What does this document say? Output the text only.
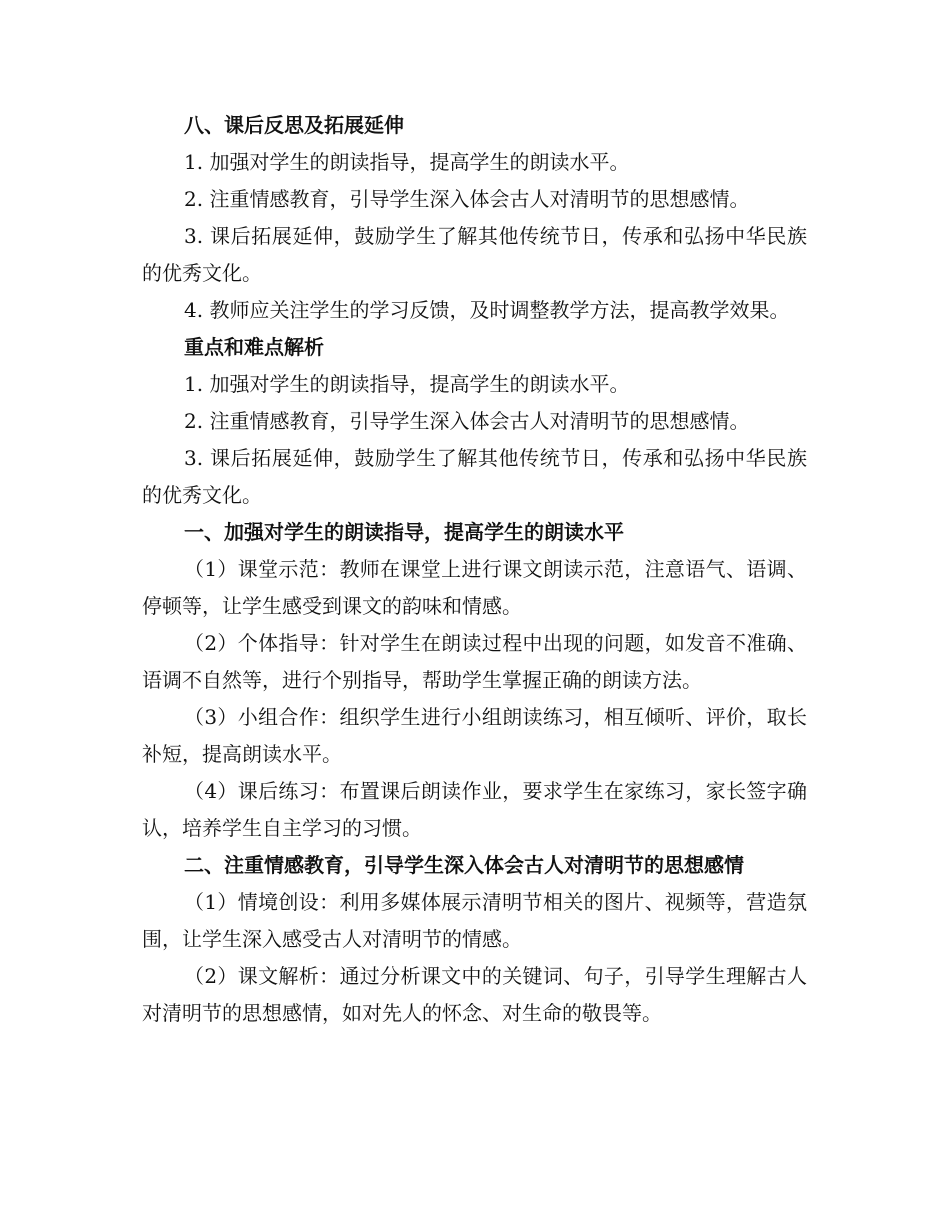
八、课后反思及拓展延伸

1. 加强对学生的朗读指导，提高学生的朗读水平。

2. 注重情感教育，引导学生深入体会古人对清明节的思想感情。

3. 课后拓展延伸，鼓励学生了解其他传统节日，传承和弘扬中华民族的优秀文化。

4. 教师应关注学生的学习反馈，及时调整教学方法，提高教学效果。

重点和难点解析

1. 加强对学生的朗读指导，提高学生的朗读水平。

2. 注重情感教育，引导学生深入体会古人对清明节的思想感情。

3. 课后拓展延伸，鼓励学生了解其他传统节日，传承和弘扬中华民族的优秀文化。

一、加强对学生的朗读指导，提高学生的朗读水平

（1）课堂示范：教师在课堂上进行课文朗读示范，注意语气、语调、停顿等，让学生感受到课文的韵味和情感。

（2）个体指导：针对学生在朗读过程中出现的问题，如发音不准确、语调不自然等，进行个别指导，帮助学生掌握正确的朗读方法。

（3）小组合作：组织学生进行小组朗读练习，相互倾听、评价，取长补短，提高朗读水平。

（4）课后练习：布置课后朗读作业，要求学生在家练习，家长签字确认，培养学生自主学习的习惯。

二、注重情感教育，引导学生深入体会古人对清明节的思想感情

（1）情境创设：利用多媒体展示清明节相关的图片、视频等，营造氛围，让学生深入感受古人对清明节的情感。

（2）课文解析：通过分析课文中的关键词、句子，引导学生理解古人对清明节的思想感情，如对先人的怀念、对生命的敬畏等。
